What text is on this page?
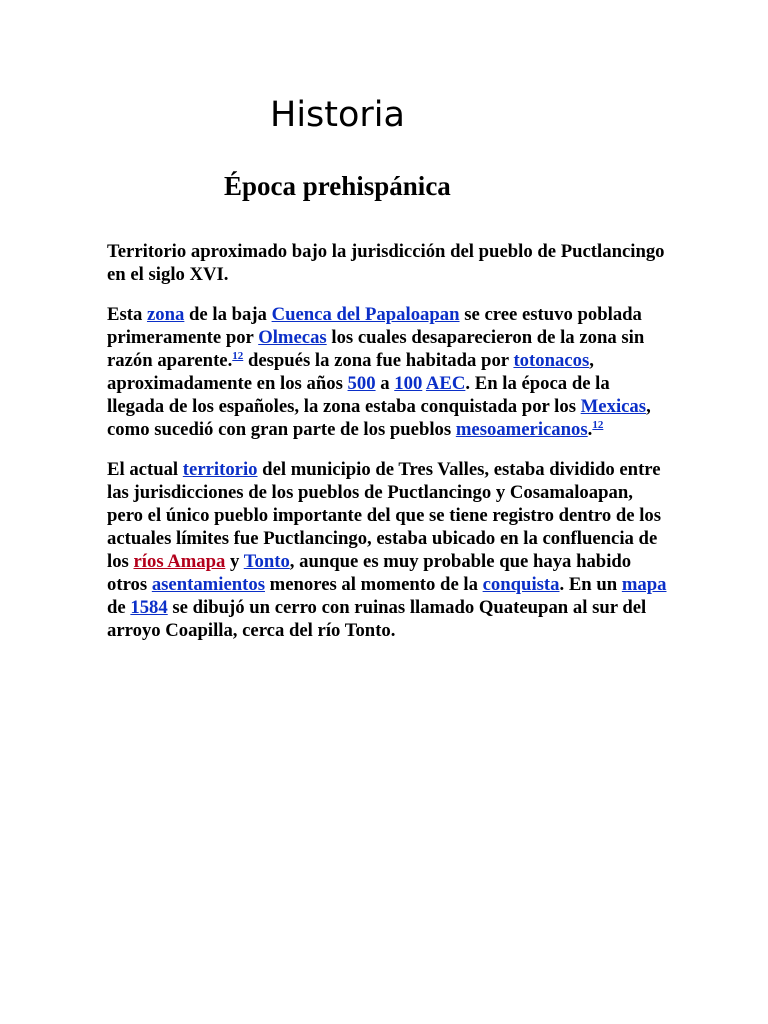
Historia
Época prehispánica

Territorio aproximado bajo la jurisdicción del pueblo de Puctlancingo en el siglo XVI.

Esta zona de la baja Cuenca del Papaloapan se cree estuvo poblada primeramente por Olmecas los cuales desaparecieron de la zona sin razón aparente.$^{12}$ después la zona fue habitada por totonacos, aproximadamente en los años 500 a 100 AEC. En la época de la llegada de los españoles, la zona estaba conquistada por los Mexicas, como sucedió con gran parte de los pueblos mesoamericanos.$^{12}$

El actual territorio del municipio de Tres Valles, estaba dividido entre las jurisdicciones de los pueblos de Puctlancingo y Cosamaloapan, pero el único pueblo importante del que se tiene registro dentro de los actuales límites fue Puctlancingo, estaba ubicado en la confluencia de los ríos Amapa y Tonto, aunque es muy probable que haya habido otros asentamientos menores al momento de la conquista. En un mapa de 1584 se dibujó un cerro con ruinas llamado Quateupan al sur del arroyo Coapilla, cerca del río Tonto.
